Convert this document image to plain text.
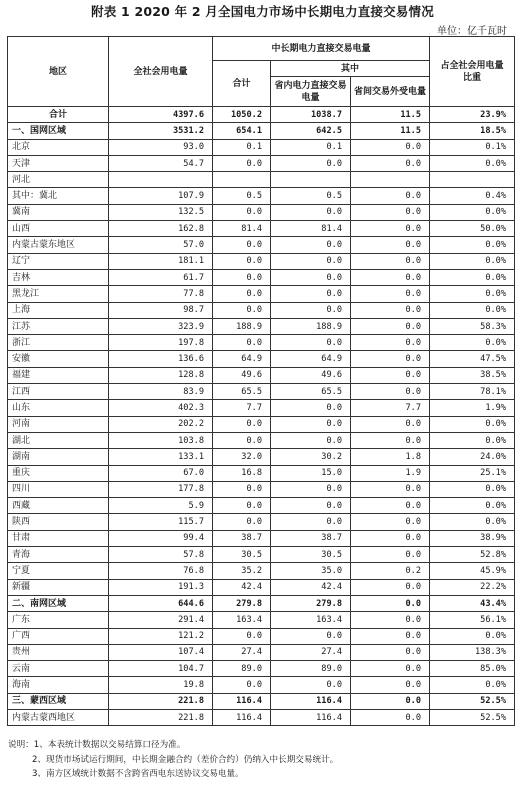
附表 1 2020 年 2 月全国电力市场中长期电力直接交易情况
单位：亿千瓦时
地区	全社会用电量	中长期电力直接交易电量			占全社会用电量比重
		合计	其中		
			省内电力直接交易电量	省间交易外受电量	
合计	4397.6	1050.2	1038.7	11.5	23.9%
一、国网区域	3531.2	654.1	642.5	11.5	18.5%
北京	93.0	0.1	0.1	0.0	0.1%
天津	54.7	0.0	0.0	0.0	0.0%
河北					
其中：冀北	107.9	0.5	0.5	0.0	0.4%
冀南	132.5	0.0	0.0	0.0	0.0%
山西	162.8	81.4	81.4	0.0	50.0%
内蒙古蒙东地区	57.0	0.0	0.0	0.0	0.0%
辽宁	181.1	0.0	0.0	0.0	0.0%
吉林	61.7	0.0	0.0	0.0	0.0%
黑龙江	77.8	0.0	0.0	0.0	0.0%
上海	98.7	0.0	0.0	0.0	0.0%
江苏	323.9	188.9	188.9	0.0	58.3%
浙江	197.8	0.0	0.0	0.0	0.0%
安徽	136.6	64.9	64.9	0.0	47.5%
福建	128.8	49.6	49.6	0.0	38.5%
江西	83.9	65.5	65.5	0.0	78.1%
山东	402.3	7.7	0.0	7.7	1.9%
河南	202.2	0.0	0.0	0.0	0.0%
湖北	103.8	0.0	0.0	0.0	0.0%
湖南	133.1	32.0	30.2	1.8	24.0%
重庆	67.0	16.8	15.0	1.9	25.1%
四川	177.8	0.0	0.0	0.0	0.0%
西藏	5.9	0.0	0.0	0.0	0.0%
陕西	115.7	0.0	0.0	0.0	0.0%
甘肃	99.4	38.7	38.7	0.0	38.9%
青海	57.8	30.5	30.5	0.0	52.8%
宁夏	76.8	35.2	35.0	0.2	45.9%
新疆	191.3	42.4	42.4	0.0	22.2%
二、南网区域	644.6	279.8	279.8	0.0	43.4%
广东	291.4	163.4	163.4	0.0	56.1%
广西	121.2	0.0	0.0	0.0	0.0%
贵州	107.4	27.4	27.4	0.0	138.3%
云南	104.7	89.0	89.0	0.0	85.0%
海南	19.8	0.0	0.0	0.0	0.0%
三、蒙西区域	221.8	116.4	116.4	0.0	52.5%
内蒙古蒙西地区	221.8	116.4	116.4	0.0	52.5%
说明：1、本表统计数据以交易结算口径为准。
2、现货市场试运行期间，中长期金融合约（差价合约）仍纳入中长期交易统计。
3、南方区域统计数据不含跨省西电东送协议交易电量。
